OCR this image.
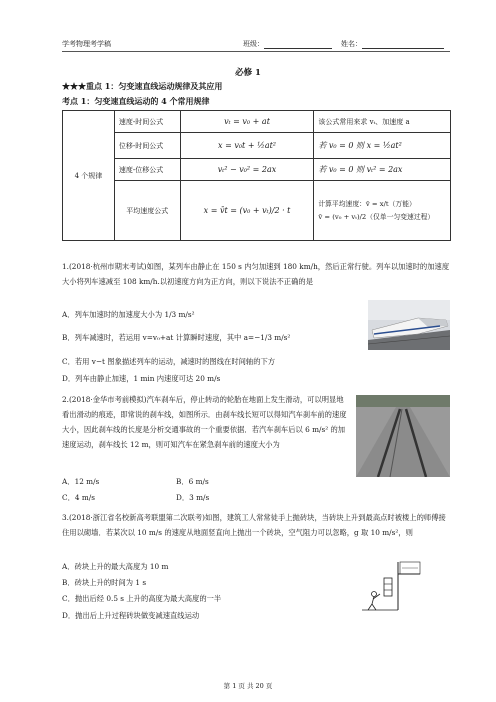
学考物理考学稿	班级：	姓名：
必修 1
★★★重点 1：匀变速直线运动规律及其应用
考点 1：匀变速直线运动的 4 个常用规律
4 个规律	速度-时间公式	vₜ = v₀ + at	该公式常用来求 vₜ、加速度 a
	位移-时间公式	x = v₀t + ½at²	若 v₀ = 0 则 x = ½at²
	速度-位移公式	vₜ² − v₀² = 2ax	若 v₀ = 0 则 vₜ² = 2ax
	平均速度公式	x = v̄t = (v₀ + vₜ)/2 · t	计算平均速度：v̄ = x/t（万能）
v̄ = (v₀ + vₜ)/2（仅单一匀变速过程）
1.(2018·杭州市期末考试)如图，某列车由静止在 150 s 内匀加速到 180 km/h，然后正常行驶。列车以加速时的加速度大小将列车速减至 108 km/h.以初速度方向为正方向，则以下说法不正确的是
A．列车加速时的加速度大小为 1/3 m/s²
B．列车减速时，若运用 v=v₀+at 计算瞬时速度，其中 a=−1/3 m/s²
C．若用 v−t 图象描述列车的运动，减速时的图线在时间轴的下方
D．列车由静止加速，1 min 内速度可达 20 m/s
2.(2018·金华市考前模拟)汽车刹车后，停止转动的轮胎在地面上发生滑动，可以明显地看出滑动的痕迹，即常说的刹车线，如图所示．由刹车线长短可以得知汽车刹车前的速度大小，因此刹车线的长度是分析交通事故的一个重要依据．若汽车刹车后以 6 m/s² 的加速度运动，刹车线长 12 m，则可知汽车在紧急刹车前的速度大小为
A．12 m/s	B．6 m/s
C．4 m/s	D．3 m/s
3.(2018·浙江省名校新高考联盟第二次联考)如图，建筑工人常常徒手上抛砖块，当砖块上升到最高点时被楼上的师傅接住用以砌墙．若某次以 10 m/s 的速度从地面竖直向上抛出一个砖块，空气阻力可以忽略，g 取 10 m/s²，则
A．砖块上升的最大高度为 10 m
B．砖块上升的时间为 1 s
C．抛出后经 0.5 s 上升的高度为最大高度的一半
D．抛出后上升过程砖块做变减速直线运动
第 1 页 共 20 页
